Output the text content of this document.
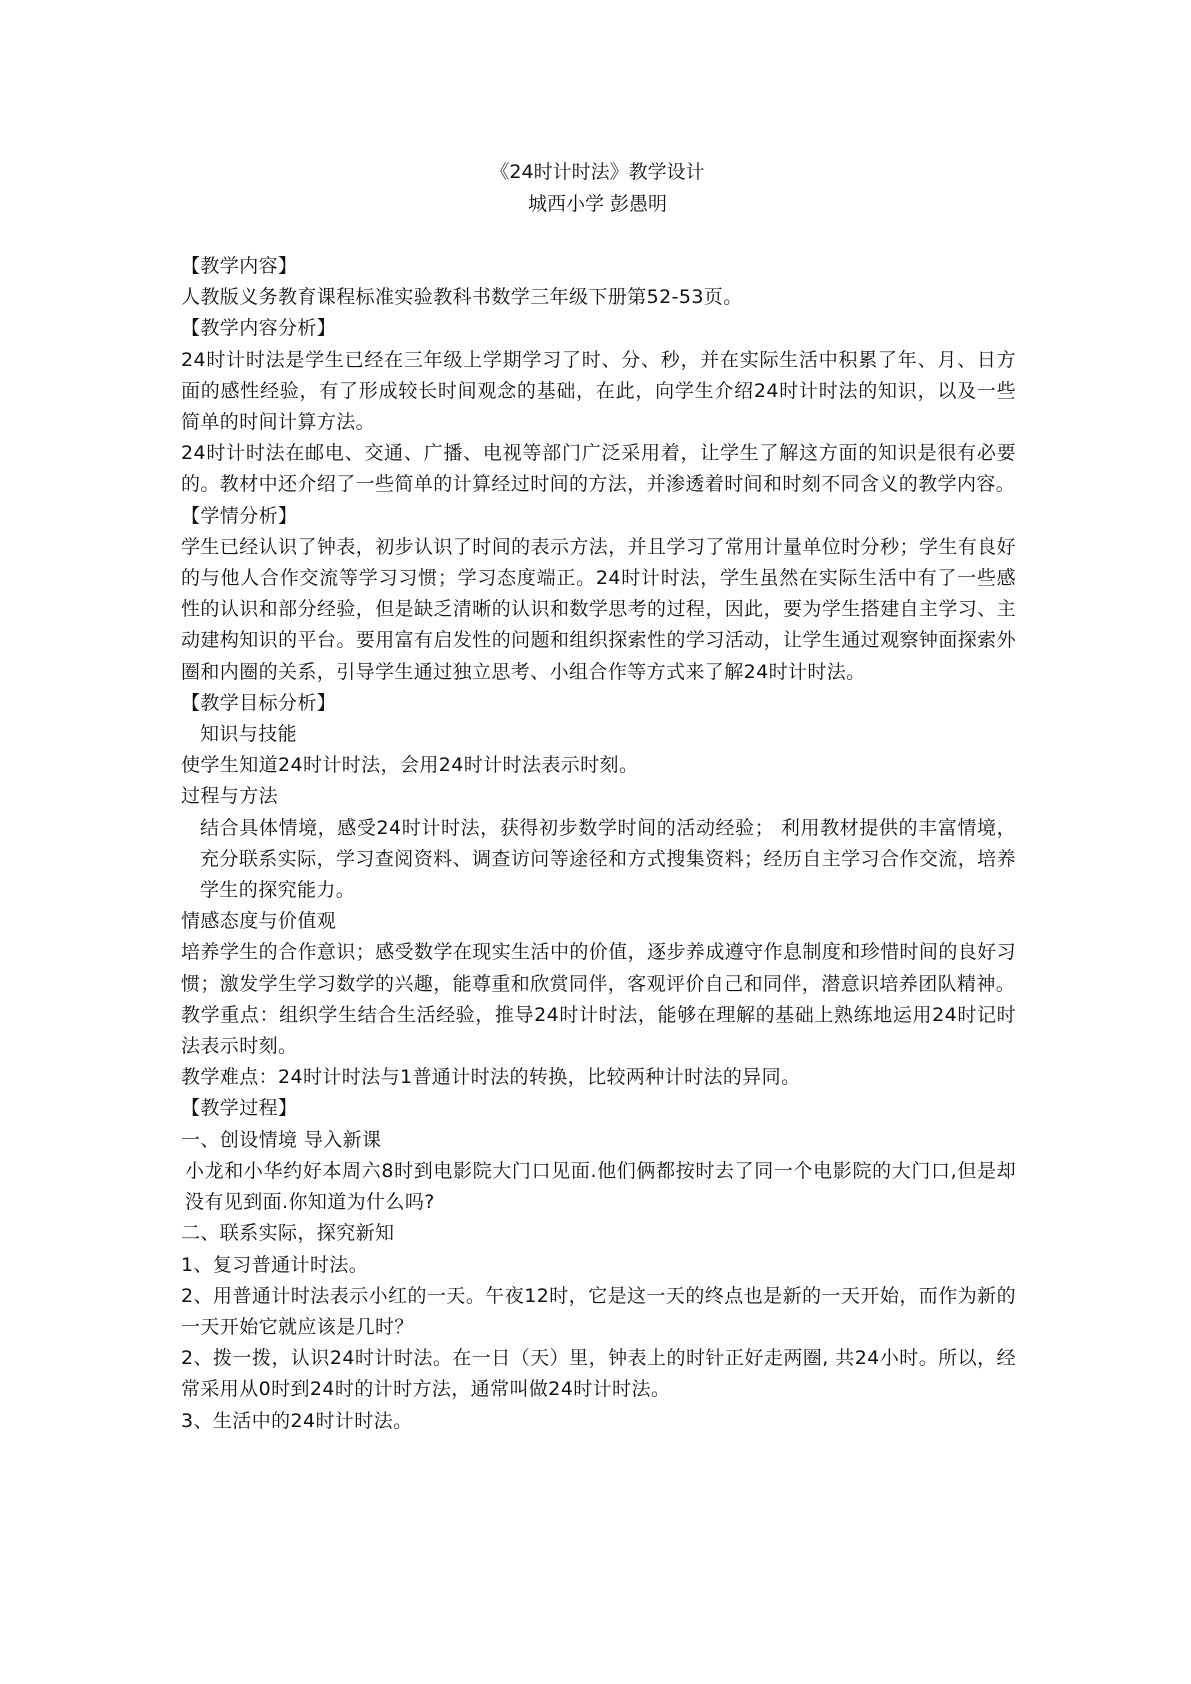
《24时计时法》教学设计
城西小学 彭愚明

【教学内容】

人教版义务教育课程标准实验教科书数学三年级下册第52-53页。

【教学内容分析】

24时计时法是学生已经在三年级上学期学习了时、分、秒，并在实际生活中积累了年、月、日方面的感性经验，有了形成较长时间观念的基础，在此，向学生介绍24时计时法的知识，以及一些简单的时间计算方法。

24时计时法在邮电、交通、广播、电视等部门广泛采用着，让学生了解这方面的知识是很有必要的。教材中还介绍了一些简单的计算经过时间的方法，并渗透着时间和时刻不同含义的教学内容。

【学情分析】

学生已经认识了钟表，初步认识了时间的表示方法，并且学习了常用计量单位时分秒；学生有良好的与他人合作交流等学习习惯；学习态度端正。24时计时法，学生虽然在实际生活中有了一些感性的认识和部分经验，但是缺乏清晰的认识和数学思考的过程，因此，要为学生搭建自主学习、主动建构知识的平台。要用富有启发性的问题和组织探索性的学习活动，让学生通过观察钟面探索外圈和内圈的关系，引导学生通过独立思考、小组合作等方式来了解24时计时法。

【教学目标分析】

知识与技能

使学生知道24时计时法，会用24时计时法表示时刻。

过程与方法

结合具体情境，感受24时计时法，获得初步数学时间的活动经验； 利用教材提供的丰富情境，充分联系实际，学习查阅资料、调查访问等途径和方式搜集资料；经历自主学习合作交流，培养学生的探究能力。

情感态度与价值观

培养学生的合作意识；感受数学在现实生活中的价值，逐步养成遵守作息制度和珍惜时间的良好习惯；激发学生学习数学的兴趣，能尊重和欣赏同伴，客观评价自己和同伴，潜意识培养团队精神。

教学重点：组织学生结合生活经验，推导24时计时法，能够在理解的基础上熟练地运用24时记时法表示时刻。

教学难点：24时计时法与1普通计时法的转换，比较两种计时法的异同。

【教学过程】

一、创设情境 导入新课

小龙和小华约好本周六8时到电影院大门口见面.他们俩都按时去了同一个电影院的大门口,但是却没有见到面.你知道为什么吗?

二、联系实际，探究新知

1、复习普通计时法。

2、用普通计时法表示小红的一天。午夜12时，它是这一天的终点也是新的一天开始，而作为新的一天开始它就应该是几时？

2、拨一拨，认识24时计时法。在一日（天）里，钟表上的时针正好走两圈, 共24小时。所以，经常采用从0时到24时的计时方法，通常叫做24时计时法。

3、生活中的24时计时法。
